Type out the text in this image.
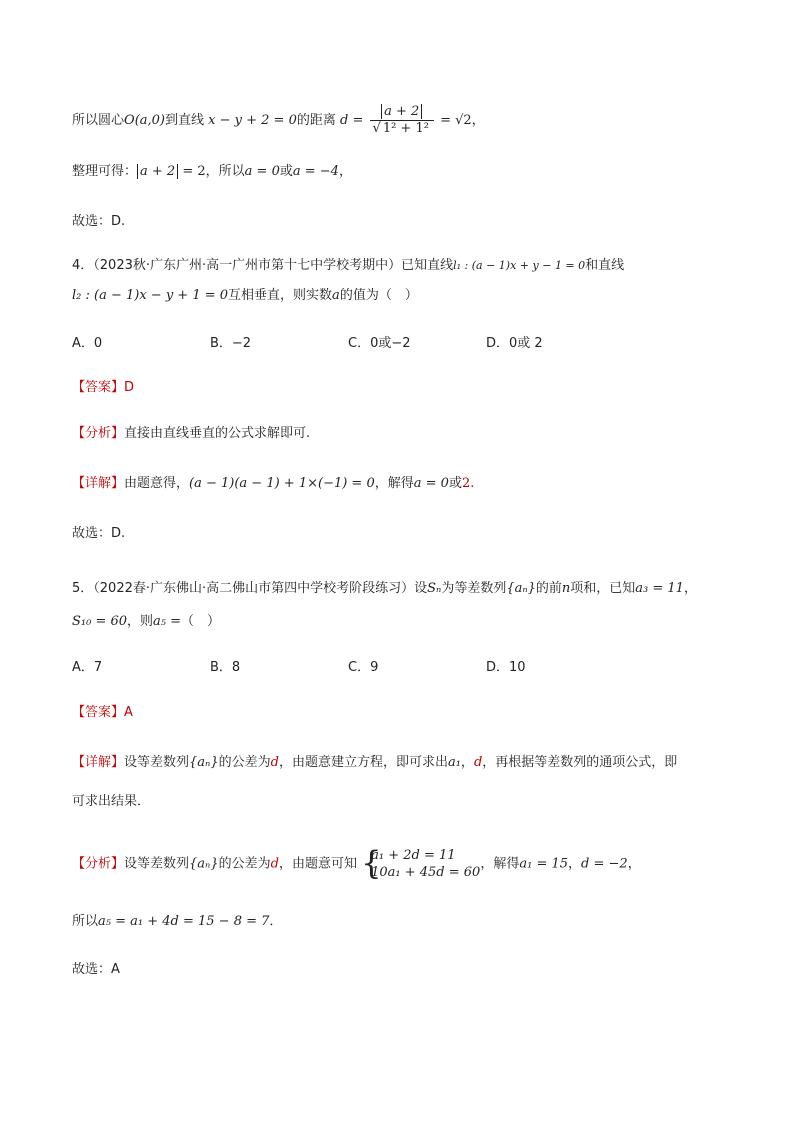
所以圆心O(a,0)到直线 x − y + 2 = 0的距离 $d = \frac{a + 2}{\text{√ 1² + 1²}} = √2$，
整理可得： a + 2 = 2，所以a = 0或a = −4，
故选：D.
4．（2023秋·广东广州·高一广州市第十七中学校考期中）已知直线l₁ : (a − 1)x + y − 1 = 0和直线
l₂ : (a − 1)x − y + 1 = 0互相垂直，则实数a的值为（　）
A．0	B．−2	C．0或−2	D．0或 2
【答案】D
【分析】直接由直线垂直的公式求解即可.
【详解】由题意得，(a − 1)(a − 1) + 1×(−1) = 0，解得a = 0或2.
故选：D.
5．（2022春·广东佛山·高二佛山市第四中学校考阶段练习）设Sₙ为等差数列{aₙ}的前n项和，已知a₃ = 11，
S₁₀ = 60，则a₅ =（　）
A．7	B．8	C．9	D．10
【答案】A
【详解】设等差数列{aₙ}的公差为d，由题意建立方程，即可求出a₁，d，再根据等差数列的通项公式，即
可求出结果．
【分析】设等差数列{aₙ}的公差为d，由题意可知 {
a₁ + 2d = 11
10a₁ + 45d = 60
，解得a₁ = 15，d = −2，
所以a₅ = a₁ + 4d = 15 − 8 = 7．
故选：A
